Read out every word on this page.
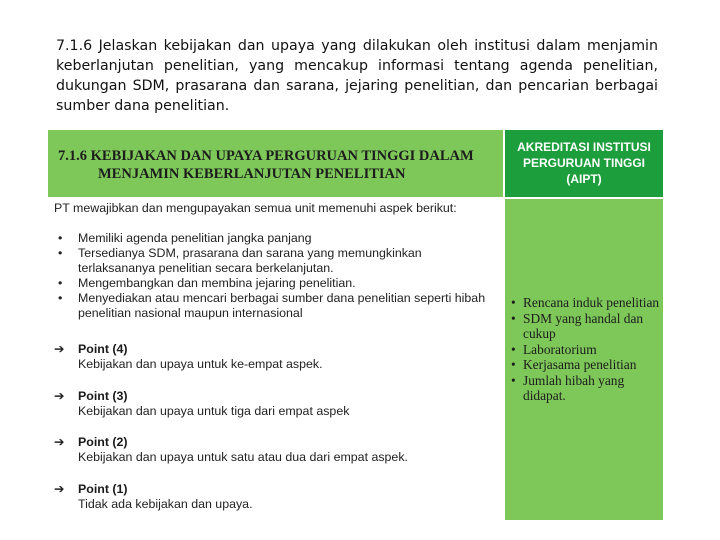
7.1.6 Jelaskan kebijakan dan upaya yang dilakukan oleh institusi dalam menjamin keberlanjutan penelitian, yang mencakup informasi tentang agenda penelitian, dukungan SDM, prasarana dan sarana, jejaring penelitian, dan pencarian berbagai sumber dana penelitian.
7.1.6 KEBIJAKAN DAN UPAYA PERGURUAN TINGGI DALAM
MENJAMIN KEBERLANJUTAN PENELITIAN
AKREDITASI INSTITUSI
PERGURUAN TINGGI
(AIPT)
PT mewajibkan dan mengupayakan semua unit memenuhi aspek berikut:
• Memiliki agenda penelitian jangka panjang
• Tersedianya SDM, prasarana dan sarana yang memungkinkan terlaksananya penelitian secara berkelanjutan.
• Mengembangkan dan membina jejaring penelitian.
• Menyediakan atau mencari berbagai sumber dana penelitian seperti hibah penelitian nasional maupun internasional
➔ Point (4)
Kebijakan dan upaya untuk ke-empat aspek.
➔ Point (3)
Kebijakan dan upaya untuk tiga dari empat aspek
➔ Point (2)
Kebijakan dan upaya untuk satu atau dua dari empat aspek.
➔ Point (1)
Tidak ada kebijakan dan upaya.
• Rencana induk penelitian
• SDM yang handal dan cukup
• Laboratorium
• Kerjasama penelitian
• Jumlah hibah yang didapat.
